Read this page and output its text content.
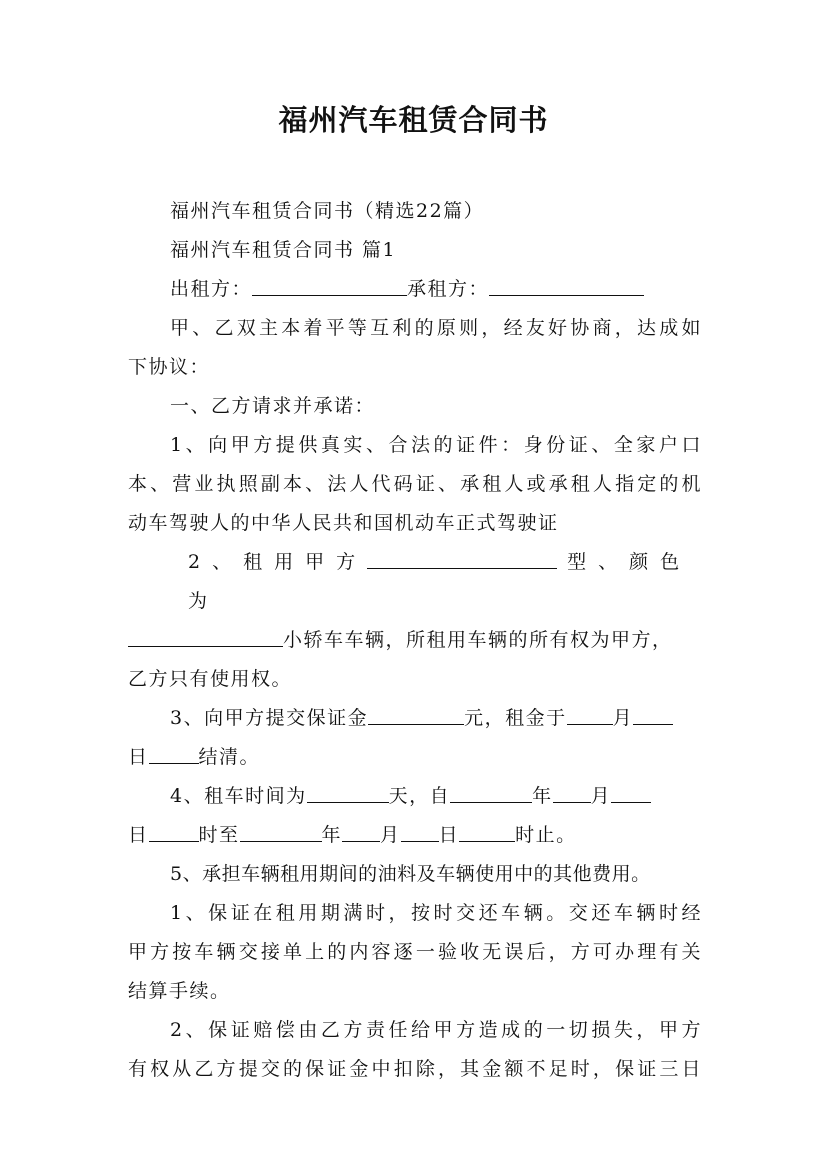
福州汽车租赁合同书

福州汽车租赁合同书（精选22篇）

福州汽车租赁合同书 篇1

出租方：	承租方：

甲、乙双主本着平等互利的原则，经友好协商，达成如

下协议：

一、乙方请求并承诺：

1、向甲方提供真实、合法的证件：身份证、全家户口

本、营业执照副本、法人代码证、承租人或承租人指定的机

动车驾驶人的中华人民共和国机动车正式驾驶证

2、租用甲方	型、颜色为

小轿车车辆，所租用车辆的所有权为甲方，

乙方只有使用权。

3、向甲方提交保证金	元，租金于 月

日	结清。

4、租车时间为	天，自	年 月

日	时至	年 月 日	时止。

5、承担车辆租用期间的油料及车辆使用中的其他费用。

1、保证在租用期满时，按时交还车辆。交还车辆时经

甲方按车辆交接单上的内容逐一验收无误后，方可办理有关

结算手续。

2、保证赔偿由乙方责任给甲方造成的一切损失，甲方

有权从乙方提交的保证金中扣除，其金额不足时，保证三日
